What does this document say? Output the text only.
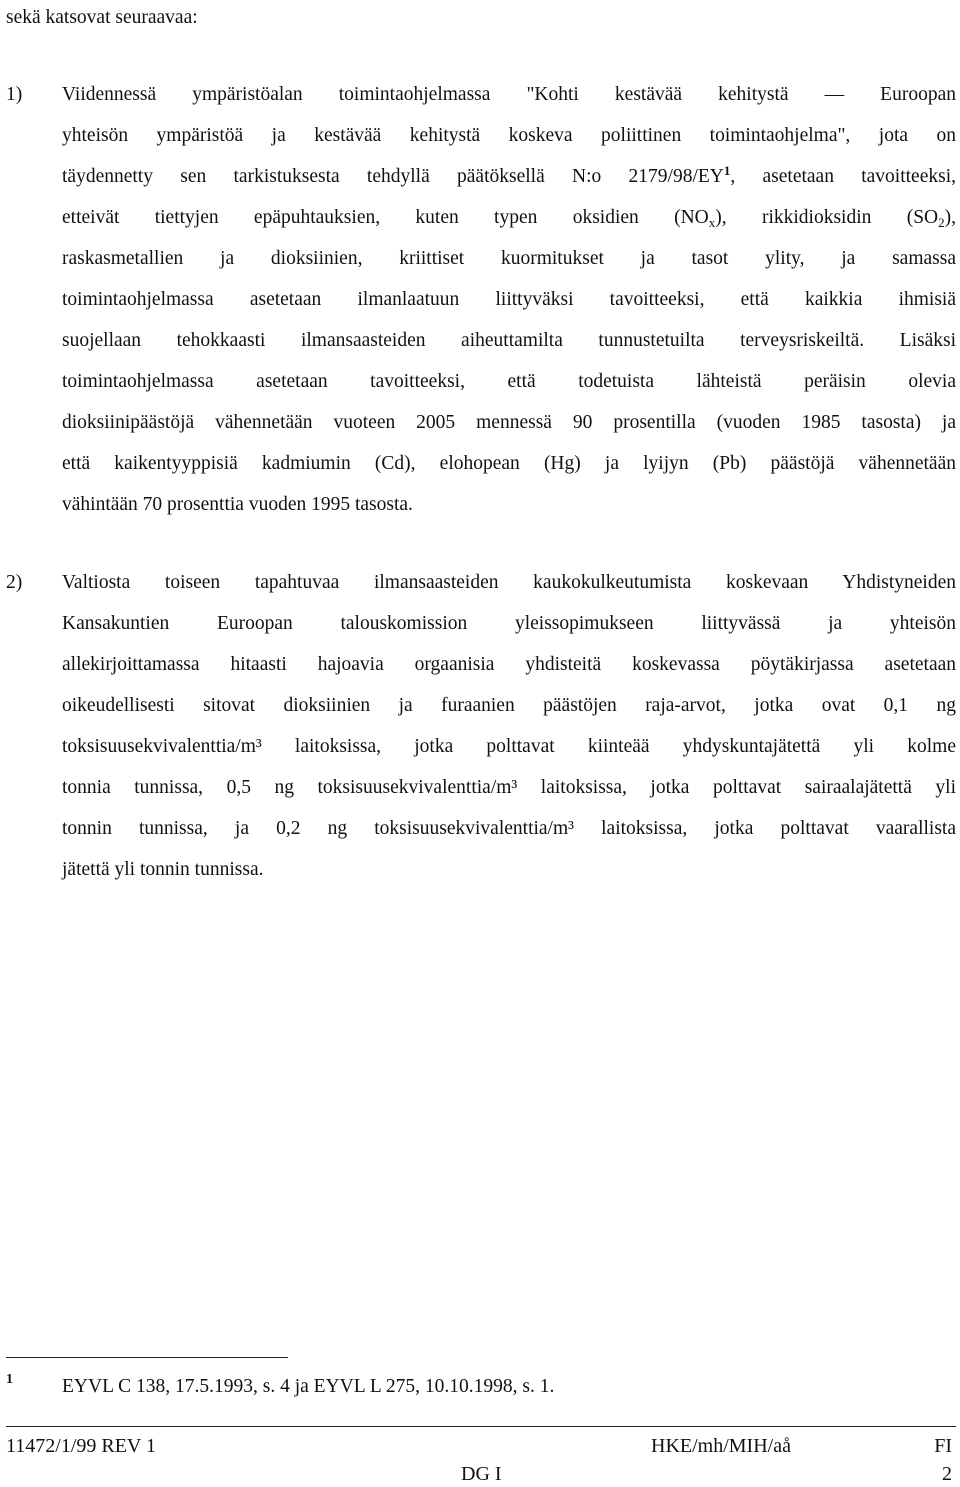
sekä katsovat seuraavaa:
1) Viidennessä ympäristöalan toimintaohjelmassa "Kohti kestävää kehitystä — Euroopan
yhteisön ympäristöä ja kestävää kehitystä koskeva poliittinen toimintaohjelma", jota on
täydennetty sen tarkistuksesta tehdyllä päätöksellä N:o $2179/98/EY^1$, asetetaan tavoitteeksi,
etteivät tiettyjen epäpuhtauksien, kuten typen oksidien $(NO_x)$, rikkidioksidin $(SO_2)$,
raskasmetallien ja dioksiinien, kriittiset kuormitukset ja tasot ylity, ja samassa
toimintaohjelmassa asetetaan ilmanlaatuun liittyväksi tavoitteeksi, että kaikkia ihmisiä
suojellaan tehokkaasti ilmansaasteiden aiheuttamilta tunnustetuilta terveysriskeiltä. Lisäksi
toimintaohjelmassa asetetaan tavoitteeksi, että todetuista lähteistä peräisin olevia
dioksiinipäästöjä vähennetään vuoteen 2005 mennessä 90 prosentilla (vuoden 1985 tasosta) ja
että kaikentyyppisiä kadmiumin (Cd), elohopean (Hg) ja lyijyn (Pb) päästöjä vähennetään
vähintään 70 prosenttia vuoden 1995 tasosta.
2) Valtiosta toiseen tapahtuvaa ilmansaasteiden kaukokulkeutumista koskevaan Yhdistyneiden
Kansakuntien Euroopan talouskomission yleissopimukseen liittyvässä ja yhteisön
allekirjoittamassa hitaasti hajoavia orgaanisia yhdisteitä koskevassa pöytäkirjassa asetetaan
oikeudellisesti sitovat dioksiinien ja furaanien päästöjen raja-arvot, jotka ovat 0,1 ng
toksisuusekvivalenttia/m³ laitoksissa, jotka polttavat kiinteää yhdyskuntajätettä yli kolme
tonnia tunnissa, 0,5 ng toksisuusekvivalenttia/m³ laitoksissa, jotka polttavat sairaalajätettä yli
tonnin tunnissa, ja 0,2 ng toksisuusekvivalenttia/m³ laitoksissa, jotka polttavat vaarallista
jätettä yli tonnin tunnissa.
1	EYVL C 138, 17.5.1993, s. 4 ja EYVL L 275, 10.10.1998, s. 1.
11472/1/99 REV 1	HKE/mh/MIH/aå	FI
DG I	2
